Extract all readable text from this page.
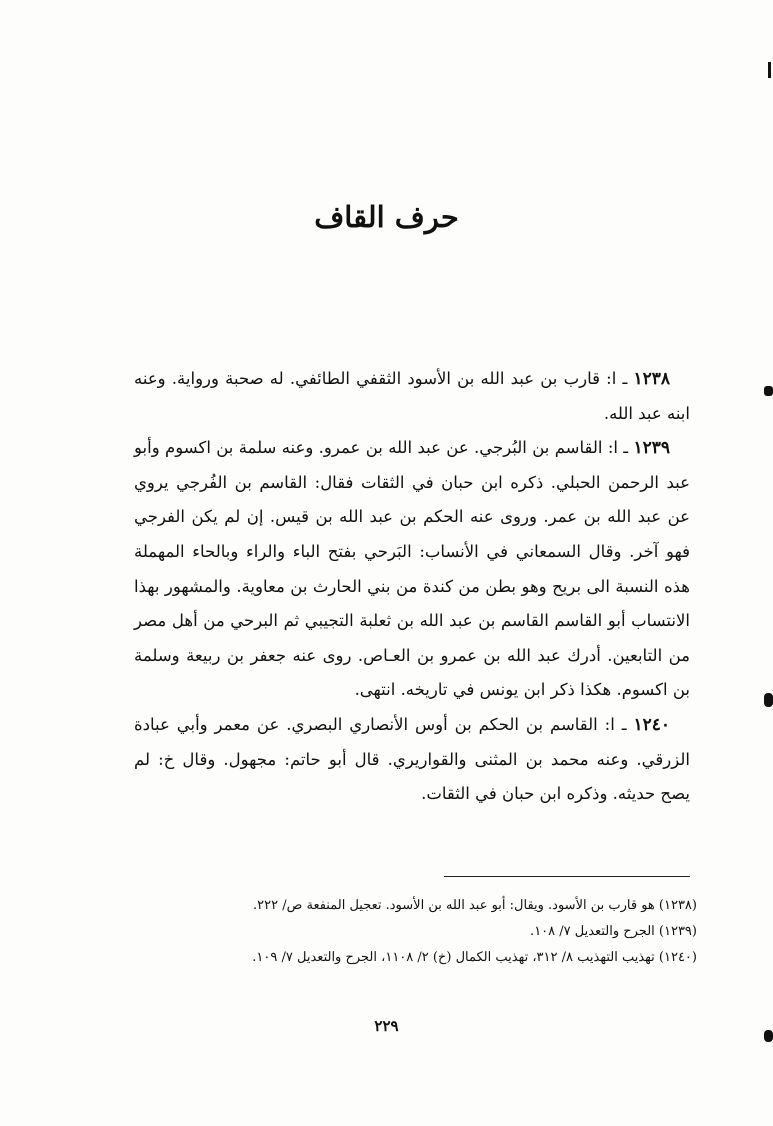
حرف القاف

١٢٣٨ ـ ا: قارب بن عبد الله بن الأسود الثقفي الطائفي. له صحبة ورواية. وعنه ابنه عبد الله.

١٢٣٩ ـ ا: القاسم بن البُرجي. عن عبد الله بن عمرو. وعنه سلمة بن اكسوم وأبو عبد الرحمن الحبلي. ذكره ابن حبان في الثقات فقال: القاسم بن الفُرجي يروي عن عبد الله بن عمر. وروى عنه الحكم بن عبد الله بن قيس. إن لم يكن الفرجي فهو آخر. وقال السمعاني في الأنساب: البَرحي بفتح الباء والراء وبالحاء المهملة هذه النسبة الى بريح وهو بطن من كندة من بني الحارث بن معاوية. والمشهور بهذا الانتساب أبو القاسم القاسم بن عبد الله بن ثعلبة التجيبي ثم البرحي من أهل مصر من التابعين. أدرك عبد الله بن عمرو بن العـاص. روى عنه جعفر بن ربيعة وسلمة بن اكسوم. هكذا ذكر ابن يونس في تاريخه. انتهى.

١٢٤٠ ـ ا: القاسم بن الحكم بن أوس الأنصاري البصري. عن معمر وأبي عبادة الزرقي. وعنه محمد بن المثنى والقواريري. قال أبو حاتم: مجهول. وقال خ: لم يصح حديثه. وذكره ابن حبان في الثقات.

(١٢٣٨) هو قارب بن الأسود. ويقال: أبو عبد الله بن الأسود. تعجيل المنفعة ص/ ٢٢٢.

(١٢٣٩) الجرح والتعديل ٧/ ١٠٨.

(١٢٤٠) تهذيب التهذيب ٨/ ٣١٢، تهذيب الكمال (خ) ٢/ ١١٠٨، الجرح والتعديل ٧/ ١٠٩.

٢٢٩
